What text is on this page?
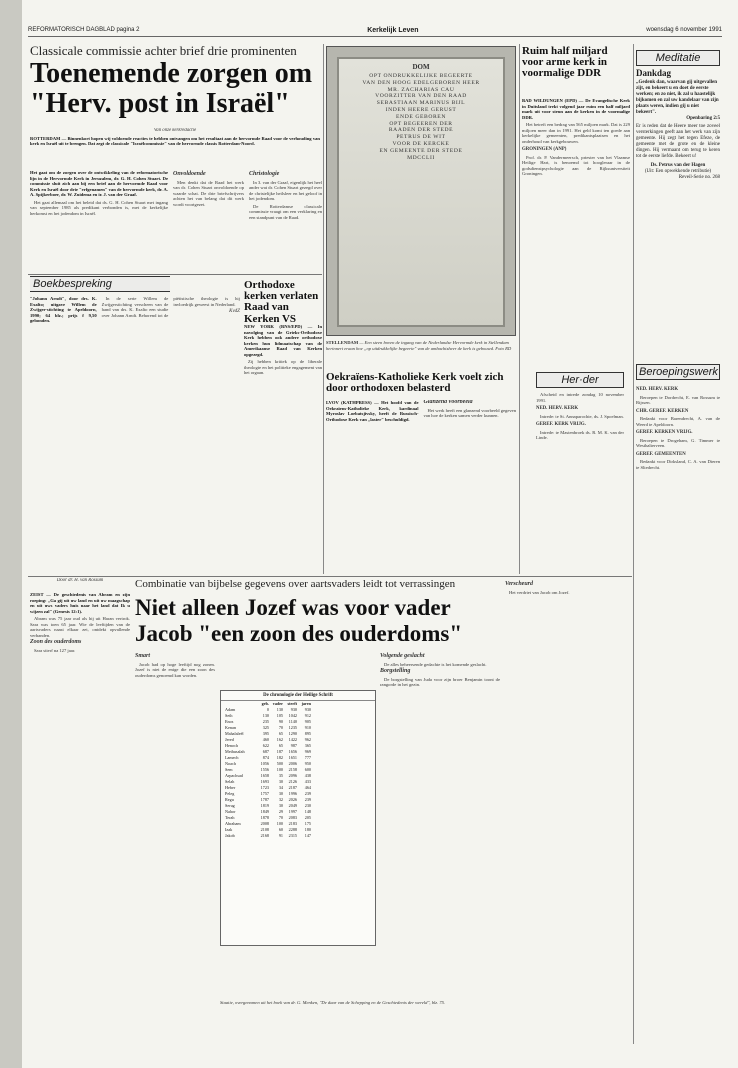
REFORMATORISCH DAGBLAD pagina 2	Kerkelijk Leven	woensdag 6 november 1991
Classicale commissie achter brief drie prominenten
Toenemende zorgen om
"Herv. post in Israël"

Van onze kerkredactie

ROTTERDAM — Binnenkort hopen wij voldoende reacties te hebben ontvangen om het resultaat aan de hervormde Raad voor de verhouding van kerk en Israël uit te brengen. Dat zegt de classicale "Israëlcommissie" van de hervormde classis Rotterdam-Noord.

Het gaat om de zorgen over de ontwikkeling van de reformatorische lijn in de Hervormde Kerk in Jeruzalem, dr. G. H. Cohen Stuart. De commissie sluit zich aan bij een brief aan de hervormde Raad voor Kerk en Israël door drie "erfgenamen" van de hervormde kerk, dr. A. A. Spijkerboer, dr. W. Zuidema en ir. J. van der Graaf.

Het gaat allemaal om het beleid dat ds. G. H. Cohen Stuart met ingang van september 1985 als predikant verbonden is, met de kerkelijke herkomst en het jodendom in Israël.

Onvoldoende

Men denkt dat de Raad het werk van dr. Cohen Stuart onvoldoende op waarde schat. De drie briefschrijvers achten het van belang dat dit werk wordt voortgezet.

Christologie

In 3. van der Graaf, eigenlijk het heel ander wat dr. Cohen Stuart gezegd over de christelijke heilsleer en het geloof in het jodendom.

De Rotterdamse classicale commissie vraagt om een verklaring en een standpunt van de Raad.

DOM
OPT ONDRUKKELIJKE BEGEERTE
VAN DEN HOOG EDELGEBOREN HEER
MR. ZACHARIAS CAU
VOORZITTER VAN DEN RAAD
SEBASTIAAN MARINUS BIJL
INDEN HEERE GERUST
ENDE GEBOREN
OPT BEGEEREN DER
RAADEN DER STEDE
PETRUS DE WIT
VOOR DE KERCKE
EN GEMEENTE DER STEDE
MDCCLII
STELLENDAM — Een steen boven de ingang van de Nederlandse Hervormde kerk in Stellendam herinnert eraan hoe „op uitdrukkelijke begeerte" van de ambachtsheer de kerk is gebouwd. Foto RD
Ruim half miljard voor arme kerk in voormalige DDR

BAD WILDUNGEN (EPD) — De Evangelische Kerk in Duitsland trekt volgend jaar ruim een half miljard mark uit voor steun aan de kerken in de voormalige DDR.

Het betreft een bedrag van 565 miljoen mark. Dat is 229 miljoen meer dan in 1991. Het geld komt ten goede aan kerkelijke gemeenten, predikantsplaatsen en het onderhoud van kerkgebouwen.

GRONINGEN (ANP)

Prof. dr. P. Vandermeersch, priester van het Vlaamse Heilige Hart, is benoemd tot hoogleraar in de godsdienstpsychologie aan de Rijksuniversiteit Groningen.

Meditatie
Dankdag
„Gedenk dan, waarvan gij uitgevallen zijt, en bekeert u en doet de eerste werken; en zo niet, ik zal u haastelijk bijkomen en zal uw kandelaar van zijn plaats weren, indien gij u niet bekeert".
Openbaring 2:5
Er is reden dat de Heere meer toe zoveel versterkingen geeft aan het werk van zijn gemeente. Hij zegt het tegen Efeze, de gemeente met de grote en de kleine dingen. Hij vermaant om terug te keren tot de eerste liefde. Bekeert u!
Ds. Petrus van der Hagen
(Uit: Een opwekkende retributie)
Reveil-Serie no. 268
Beroepingswerk

NED. HERV. KERK

Beroepen te Dordrecht, E. van Rossum te Rijssen.

CHR. GEREF. KERKEN

Bedankt voor Barendrecht, A. van de Weerd te Apeldoorn.

GEREF. KERKEN VRIJG.

Beroepen te Drogeham, G. Timmer te Westhalterveen.

GEREF. GEMEENTEN

Bedankt voor Dirksland, C. A. van Dieren te Sliedrecht.

Boekbespreking

"Johann Arndt", door drs. K. Exalto; uitgave Willem de Zwijger-stichting te Apeldoorn, 1990; 64 blz.; prijs f 9,50 gebonden.

In de serie Willem de Zwijgerstichting verscheen van de hand van drs. K. Exalto een studie over Johann Arndt. Behorend tot de piëtistische theologie is hij invloedrijk geweest in Nederland.

KvdZ

Orthodoxe kerken verlaten Raad van Kerken VS

NEW YORK (RNS/EPD) — In navolging van de Grieks-Orthodoxe Kerk hebben ook andere orthodoxe kerken hun lidmaatschap van de Amerikaanse Raad van Kerken opgezegd.

Zij hebben kritiek op de liberale theologie en het politieke engagement van het orgaan.	Oekraïens-Katholieke Kerk voelt zich door orthodoxen belasterd

LVOV (KATHPRESS) — Het hoofd van de Oekraïens-Katholieke Kerk, kardinaal Myroslav Loebatsjivsky, heeft de Russisch-Orthodoxe Kerk van „laster" beschuldigd.

Glanzend voorbeeld

Het werk heeft een glanzend voorbeeld gegeven van hoe de kerken samen verder kunnen.

Her·der

Afscheid en intrede zondag 10 november 1991.

NED. HERV. KERK

Intrede: te St. Annaparochie, ds. J. Spoelman.

GEREF. KERK VRIJG.

Intrede: te Mastenbroek ds. R. M. K. van der Linde.

Door dr. H. van Rossum	Combinatie van bijbelse gegevens over aartsvaders leidt tot verrassingen
Niet alleen Jozef was voor vader
Jacob "een zoon des ouderdoms"

ZEIST — De geschiedenis van Abram en zijn roeping: „Ga gij uit uw land en uit uw maagschap en uit uws vaders huis naar het land dat Ik u wijzen zal" (Genesis 12:1).

Abram was 75 jaar oud als hij uit Haran vertrok. Sara was toen 65 jaar. Wie de leeftijden van de aartsvaders naast elkaar zet, ontdekt opvallende verbanden.

Zoon des ouderdoms

Sara stierf na 127 jaar.

Smart

Jacob had op hoge leeftijd nog zonen. Jozef is niet de enige die een zoon des ouderdoms genoemd kan worden.

De chronologie der Heilige Schrift
geb. vader	sterft	jaren
Adam	0	130	930	930
Seth	130	105	1042	912
Enos	235	90	1140	905
Kenan	325	70	1235	910
Mahalaleël	395	65	1290	895
Jered	460	162	1422	962
Henoch	622	65	987	365
Methusalah	687	187	1656	969
Lamech	874	182	1651	777
Noach	1056	500	2006	950
Sem	1556	100	2158	600
Arpachsad	1658	35	2096	438
Selah	1693	30	2126	433
Heber	1723	34	2187	464
Peleg	1757	30	1996	239
Regu	1787	32	2026	239
Serug	1819	30	2049	230
Nahor	1849	29	1997	148
Terah	1878	70	2083	205
Abraham	2008	100	2183	175
Izak	2108	60	2288	180
Jakob	2168	91	2315	147
Staatie, overgenomen uit het boek van dr. G. Menken, "De daar van de Schepping en de Geschiedenis der wereld", blz. 75.

Volgende geslacht

De alles beheersende gedachte is het komende geslacht.

Borgstelling

De borgstelling van Juda voor zijn broer Benjamin toont de rangorde in het gezin.

Verscheurd

Het verdriet van Jacob om Jozef.
